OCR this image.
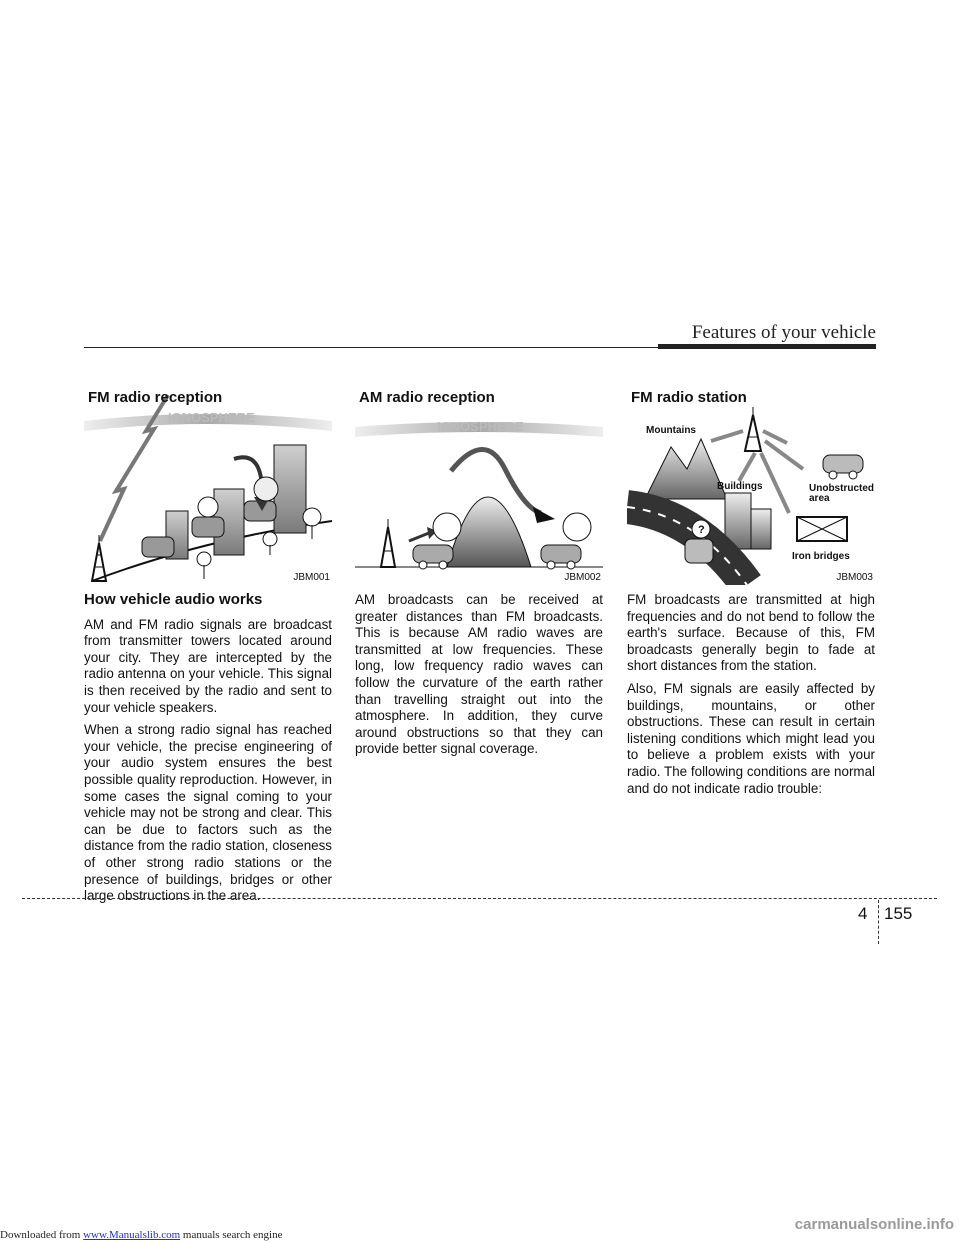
Features of your vehicle
IONOSPHERE
FM radio reception
JBM001
IONOSPHERE
AM radio reception
JBM002
Mountains
Buildings	Unobstructed
area
Iron bridges
?
FM radio station
JBM003
How vehicle audio works

AM and FM radio signals are broadcast from transmitter towers located around your city. They are intercepted by the radio antenna on your vehicle. This signal is then received by the radio and sent to your vehicle speakers.

When a strong radio signal has reached your vehicle, the precise engineering of your audio system ensures the best possible quality reproduction. However, in some cases the signal coming to your vehicle may not be strong and clear. This can be due to factors such as the distance from the radio station, closeness of other strong radio stations or the presence of buildings, bridges or other large obstructions in the area.

AM broadcasts can be received at greater distances than FM broadcasts. This is because AM radio waves are transmitted at low frequencies. These long, low frequency radio waves can follow the curvature of the earth rather than travelling straight out into the atmosphere. In addition, they curve around obstructions so that they can provide better signal coverage.

FM broadcasts are transmitted at high frequencies and do not bend to follow the earth's surface. Because of this, FM broadcasts generally begin to fade at short distances from the station.

Also, FM signals are easily affected by buildings, mountains, or other obstructions. These can result in certain listening conditions which might lead you to believe a problem exists with your radio. The following conditions are normal and do not indicate radio trouble:

4 155
Downloaded from www.Manualslib.com manuals search engine
carmanualsonline.info
